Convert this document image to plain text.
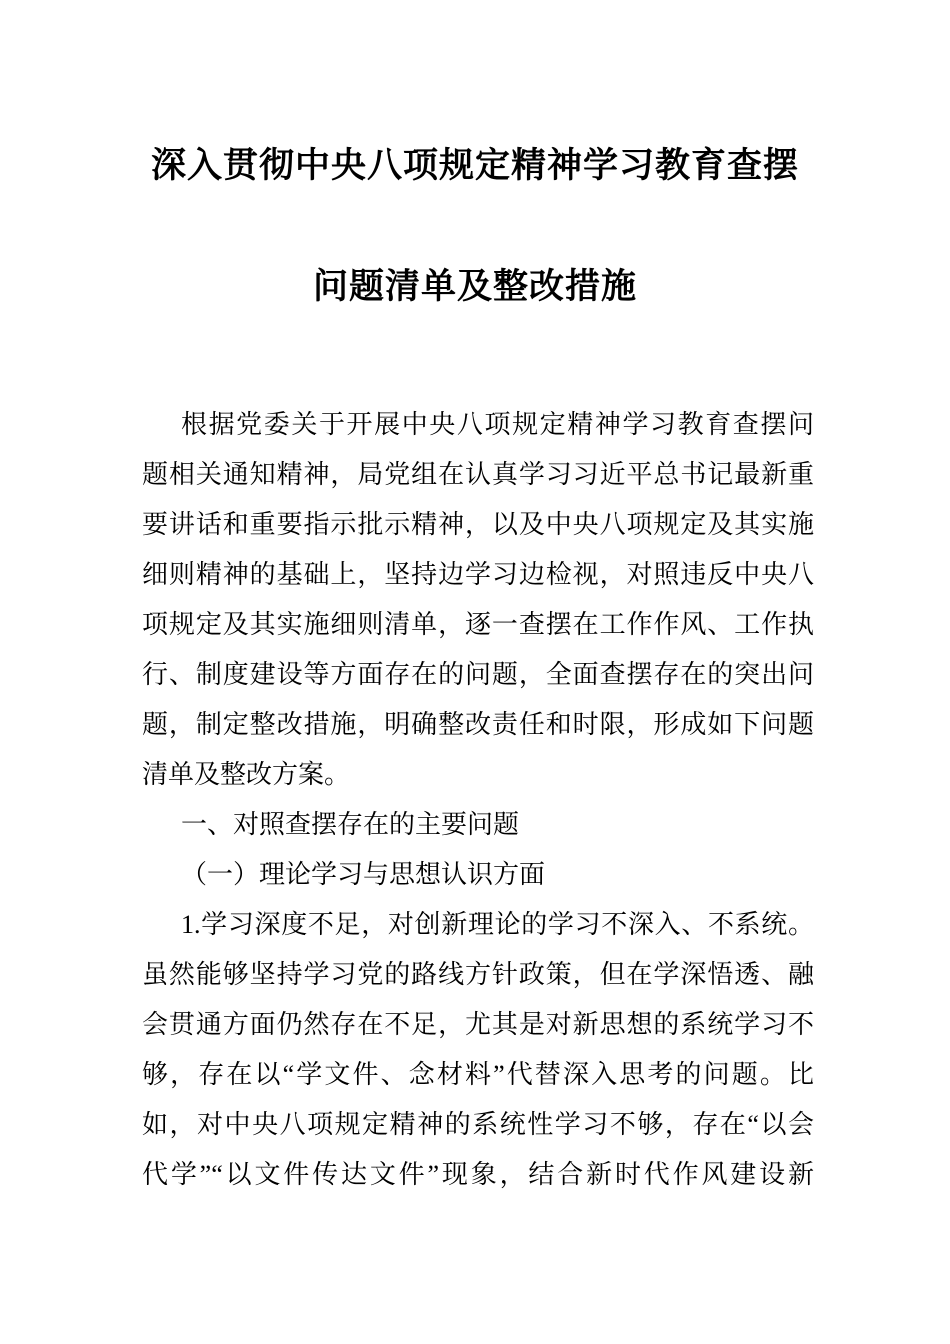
深入贯彻中央八项规定精神学习教育查摆
问题清单及整改措施
根据党委关于开展中央八项规定精神学习教育查摆问
题相关通知精神，局党组在认真学习习近平总书记最新重
要讲话和重要指示批示精神，以及中央八项规定及其实施
细则精神的基础上，坚持边学习边检视，对照违反中央八
项规定及其实施细则清单，逐一查摆在工作作风、工作执
行、制度建设等方面存在的问题，全面查摆存在的突出问
题，制定整改措施，明确整改责任和时限，形成如下问题
清单及整改方案。
一、对照查摆存在的主要问题
（一）理论学习与思想认识方面
1.学习深度不足，对创新理论的学习不深入、不系统。
虽然能够坚持学习党的路线方针政策，但在学深悟透、融
会贯通方面仍然存在不足，尤其是对新思想的系统学习不
够，存在以“学文件、念材料”代替深入思考的问题。比
如，对中央八项规定精神的系统性学习不够，存在“以会
代学”“以文件传达文件”现象，结合新时代作风建设新
